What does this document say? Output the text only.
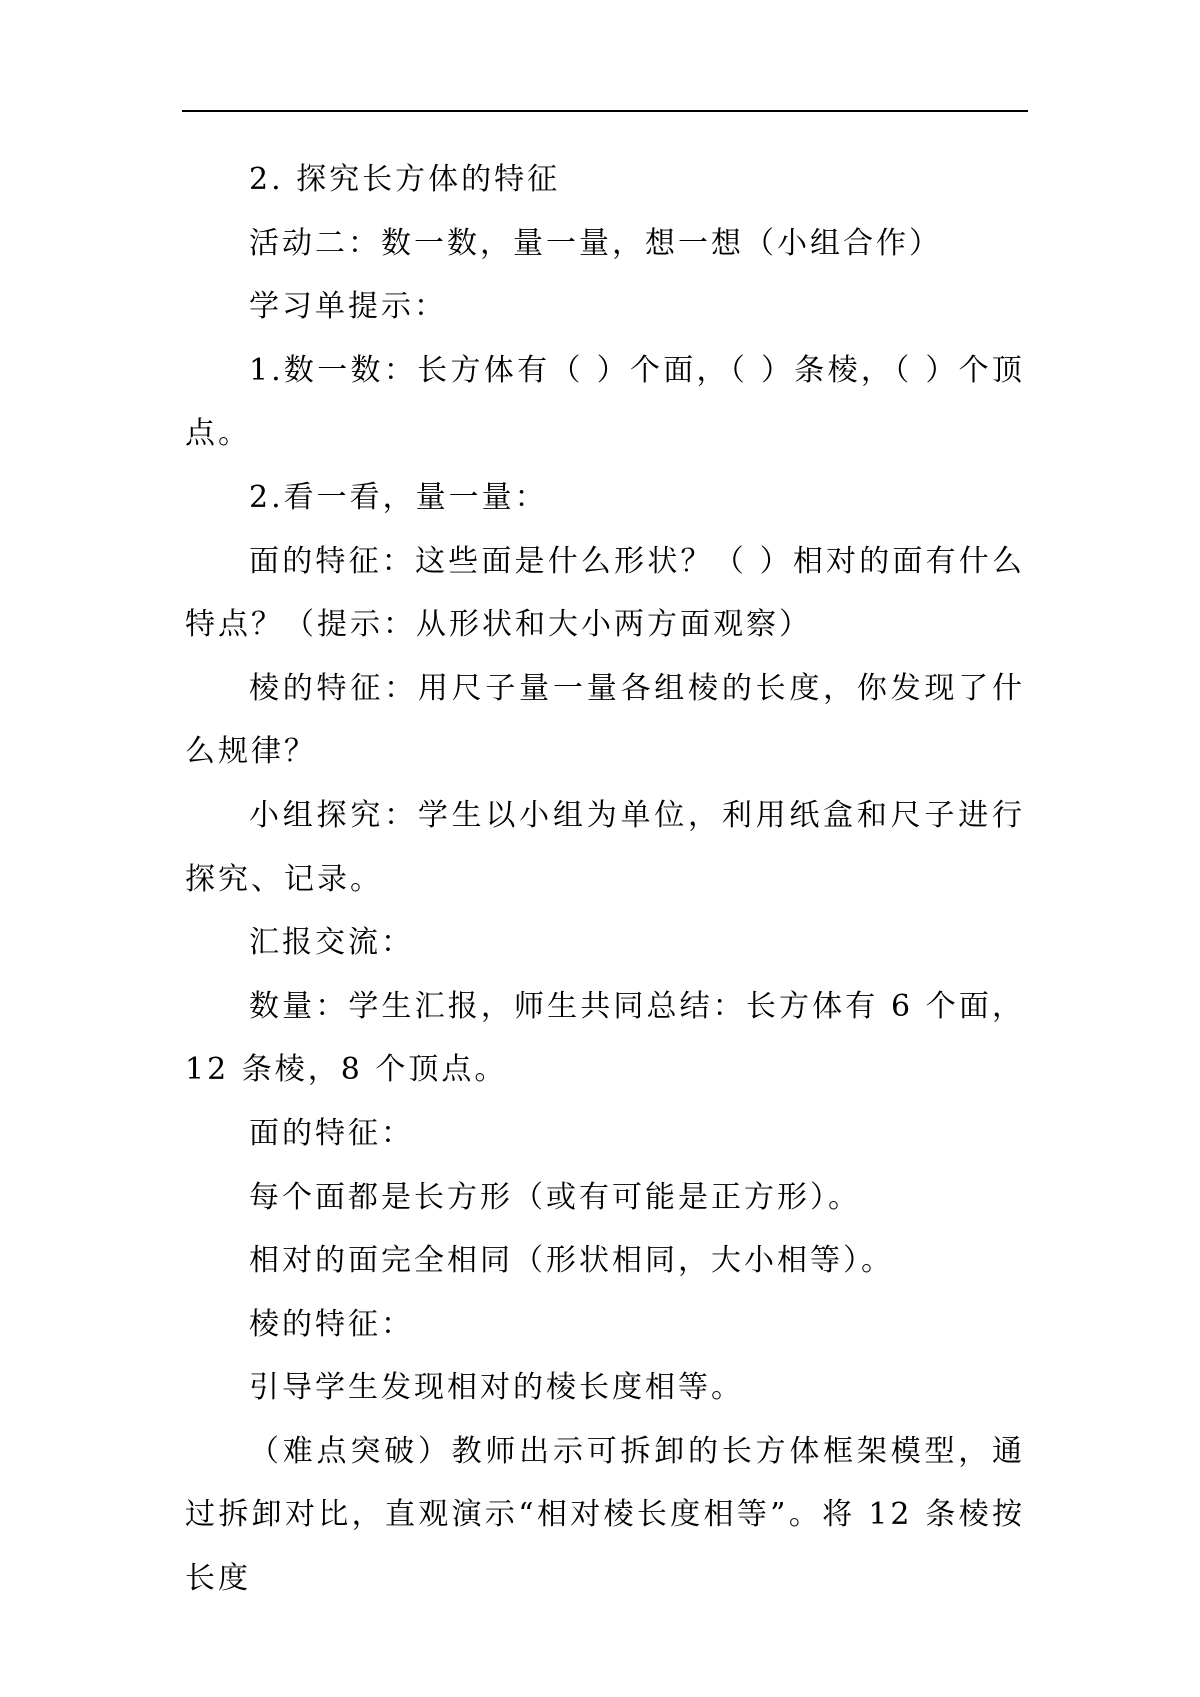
2. 探究长方体的特征

活动二：数一数，量一量，想一想（小组合作）

学习单提示：

1.数一数：长方体有（ ）个面，（ ）条棱，（ ）个顶点。

2.看一看，量一量：

面的特征：这些面是什么形状？（ ）相对的面有什么特点？（提示：从形状和大小两方面观察）

棱的特征：用尺子量一量各组棱的长度，你发现了什么规律？

小组探究：学生以小组为单位，利用纸盒和尺子进行探究、记录。

汇报交流：

数量：学生汇报，师生共同总结：长方体有 6 个面，12 条棱，8 个顶点。

面的特征：

每个面都是长方形（或有可能是正方形）。

相对的面完全相同（形状相同，大小相等）。

棱的特征：

引导学生发现相对的棱长度相等。

（难点突破）教师出示可拆卸的长方体框架模型，通过拆卸对比，直观演示“相对棱长度相等”。将 12 条棱按长度
